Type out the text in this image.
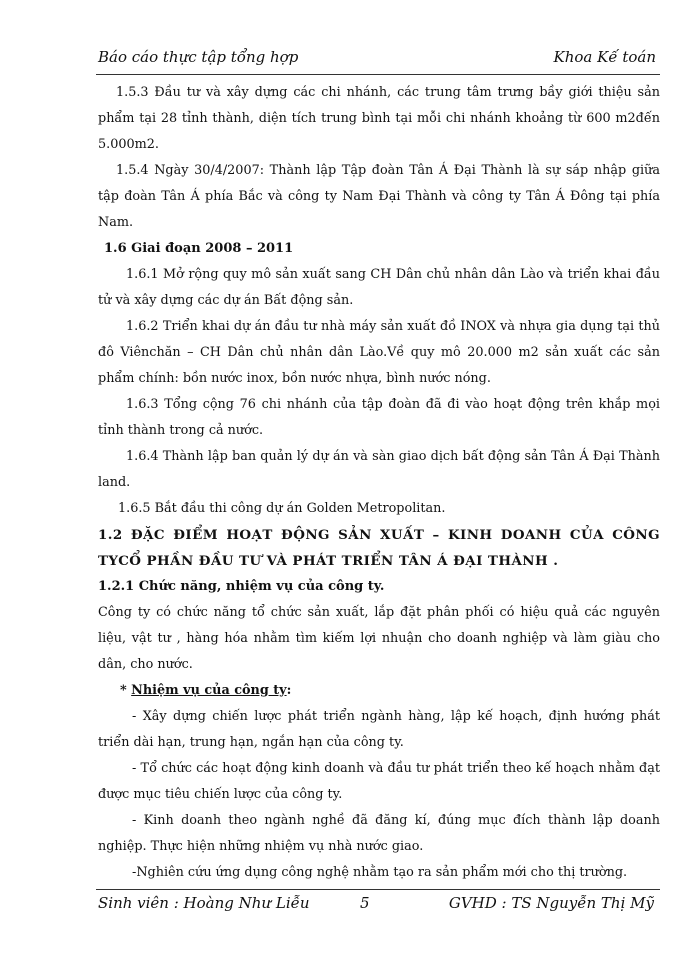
Báo cáo thực tập tổng hợp	Khoa Kế toán

1.5.3 Đầu tư và xây dựng các chi nhánh, các trung tâm trưng bầy giới thiệu sản phẩm tại 28 tỉnh thành, diện tích trung bình tại mỗi chi nhánh khoảng từ 600 m2đến 5.000m2.

1.5.4 Ngày 30/4/2007: Thành lập Tập đoàn Tân Á Đại Thành là sự sáp nhập giữa tập đoàn Tân Á phía Bắc và công ty Nam Đại Thành và công ty Tân Á Đông tại phía Nam.

1.6 Giai đoạn 2008 – 2011

1.6.1 Mở rộng quy mô sản xuất sang CH Dân chủ nhân dân Lào và triển khai đầu tử và xây dựng các dự án Bất động sản.

1.6.2 Triển khai dự án đầu tư nhà máy sản xuất đồ INOX và nhựa gia dụng tại thủ đô Viênchăn – CH Dân chủ nhân dân Lào.Về quy mô 20.000 m2 sản xuất các sản phẩm chính: bồn nước inox, bồn nước nhựa, bình nước nóng.

1.6.3 Tổng cộng 76 chi nhánh của tập đoàn đã đi vào hoạt động trên khắp mọi tỉnh thành trong cả nước.

1.6.4 Thành lập ban quản lý dự án và sàn giao dịch bất động sản Tân Á Đại Thành land.

1.6.5 Bắt đầu thi công dự án Golden Metropolitan.

1.2 ĐẶC ĐIỂM HOẠT ĐỘNG SẢN XUẤT – KINH DOANH CỦA CÔNG TYCỔ PHẦN ĐẦU TƯ VÀ PHÁT TRIỂN TÂN Á ĐẠI THÀNH .

1.2.1 Chức năng, nhiệm vụ của công ty.

Công ty có chức năng tổ chức sản xuất, lắp đặt phân phối có hiệu quả các nguyên liệu, vật tư , hàng hóa nhằm tìm kiếm lợi nhuận cho doanh nghiệp và làm giàu cho dân, cho nước.

* Nhiệm vụ của công ty:

- Xây dựng chiến lược phát triển ngành hàng, lập kế hoạch, định hướng phát triển dài hạn, trung hạn, ngắn hạn của công ty.

- Tổ chức các hoạt động kinh doanh và đầu tư phát triển theo kế hoạch nhằm đạt được mục tiêu chiến lược của công ty.

- Kinh doanh theo ngành nghề đã đăng kí, đúng mục đích thành lập doanh nghiệp. Thực hiện những nhiệm vụ nhà nước giao.

-Nghiên cứu ứng dụng công nghệ nhằm tạo ra sản phẩm mới cho thị trường.

Sinh viên : Hoàng Như Liễu	5	GVHD : TS Nguyễn Thị Mỹ
